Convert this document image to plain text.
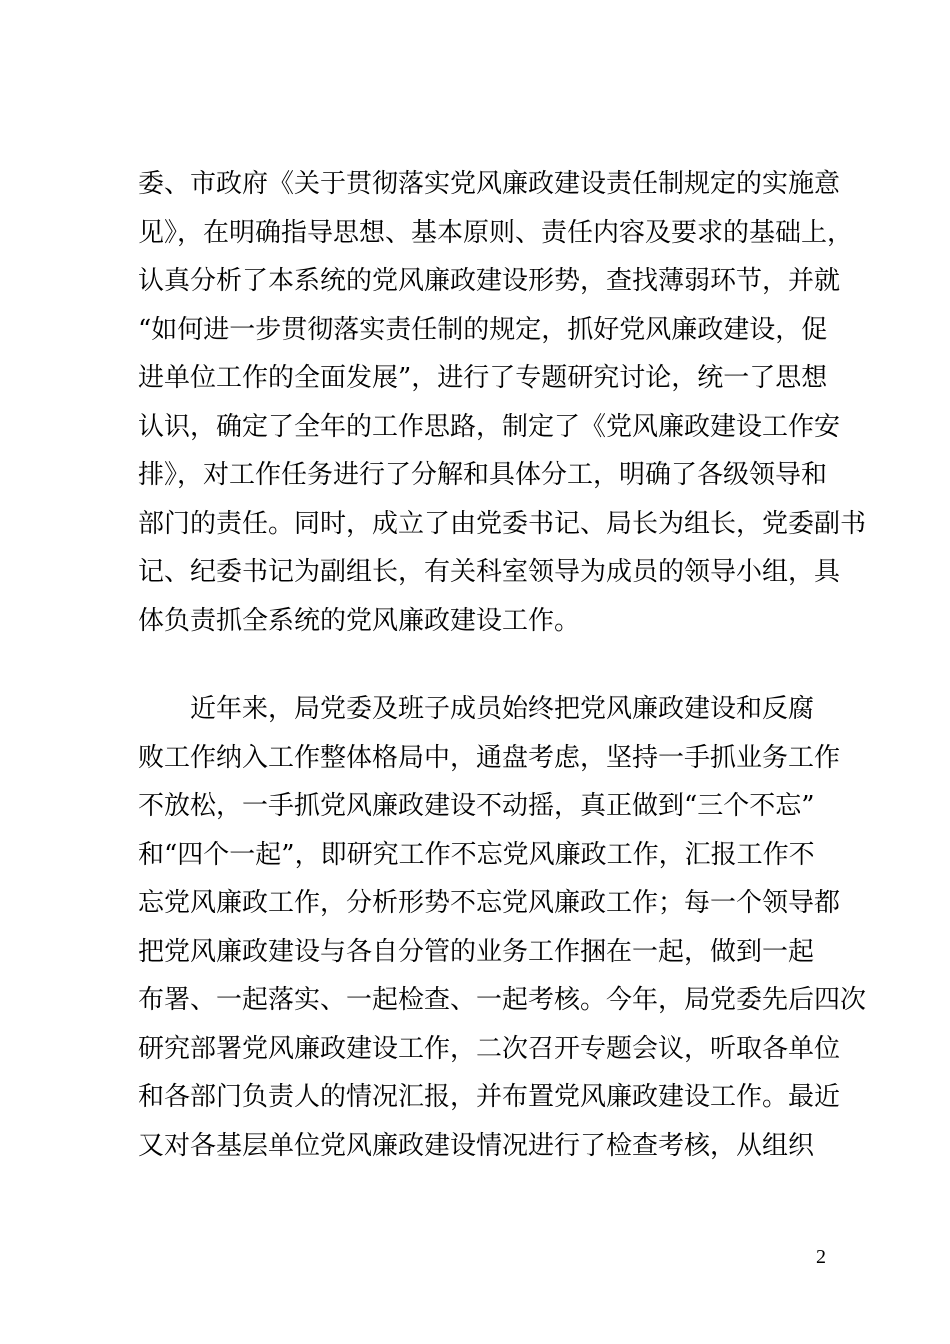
委、市政府《关于贯彻落实党风廉政建设责任制规定的实施意
见》，在明确指导思想、基本原则、责任内容及要求的基础上，
认真分析了本系统的党风廉政建设形势，查找薄弱环节，并就
“如何进一步贯彻落实责任制的规定，抓好党风廉政建设，促
进单位工作的全面发展”，进行了专题研究讨论，统一了思想
认识，确定了全年的工作思路，制定了《党风廉政建设工作安
排》，对工作任务进行了分解和具体分工，明确了各级领导和
部门的责任。同时，成立了由党委书记、局长为组长，党委副书
记、纪委书记为副组长，有关科室领导为成员的领导小组，具
体负责抓全系统的党风廉政建设工作。
　　近年来，局党委及班子成员始终把党风廉政建设和反腐
败工作纳入工作整体格局中，通盘考虑，坚持一手抓业务工作
不放松，一手抓党风廉政建设不动摇，真正做到“三个不忘”
和“四个一起”，即研究工作不忘党风廉政工作，汇报工作不
忘党风廉政工作，分析形势不忘党风廉政工作；每一个领导都
把党风廉政建设与各自分管的业务工作捆在一起，做到一起
布署、一起落实、一起检查、一起考核。今年，局党委先后四次
研究部署党风廉政建设工作，二次召开专题会议，听取各单位
和各部门负责人的情况汇报，并布置党风廉政建设工作。最近
又对各基层单位党风廉政建设情况进行了检查考核，从组织
2
